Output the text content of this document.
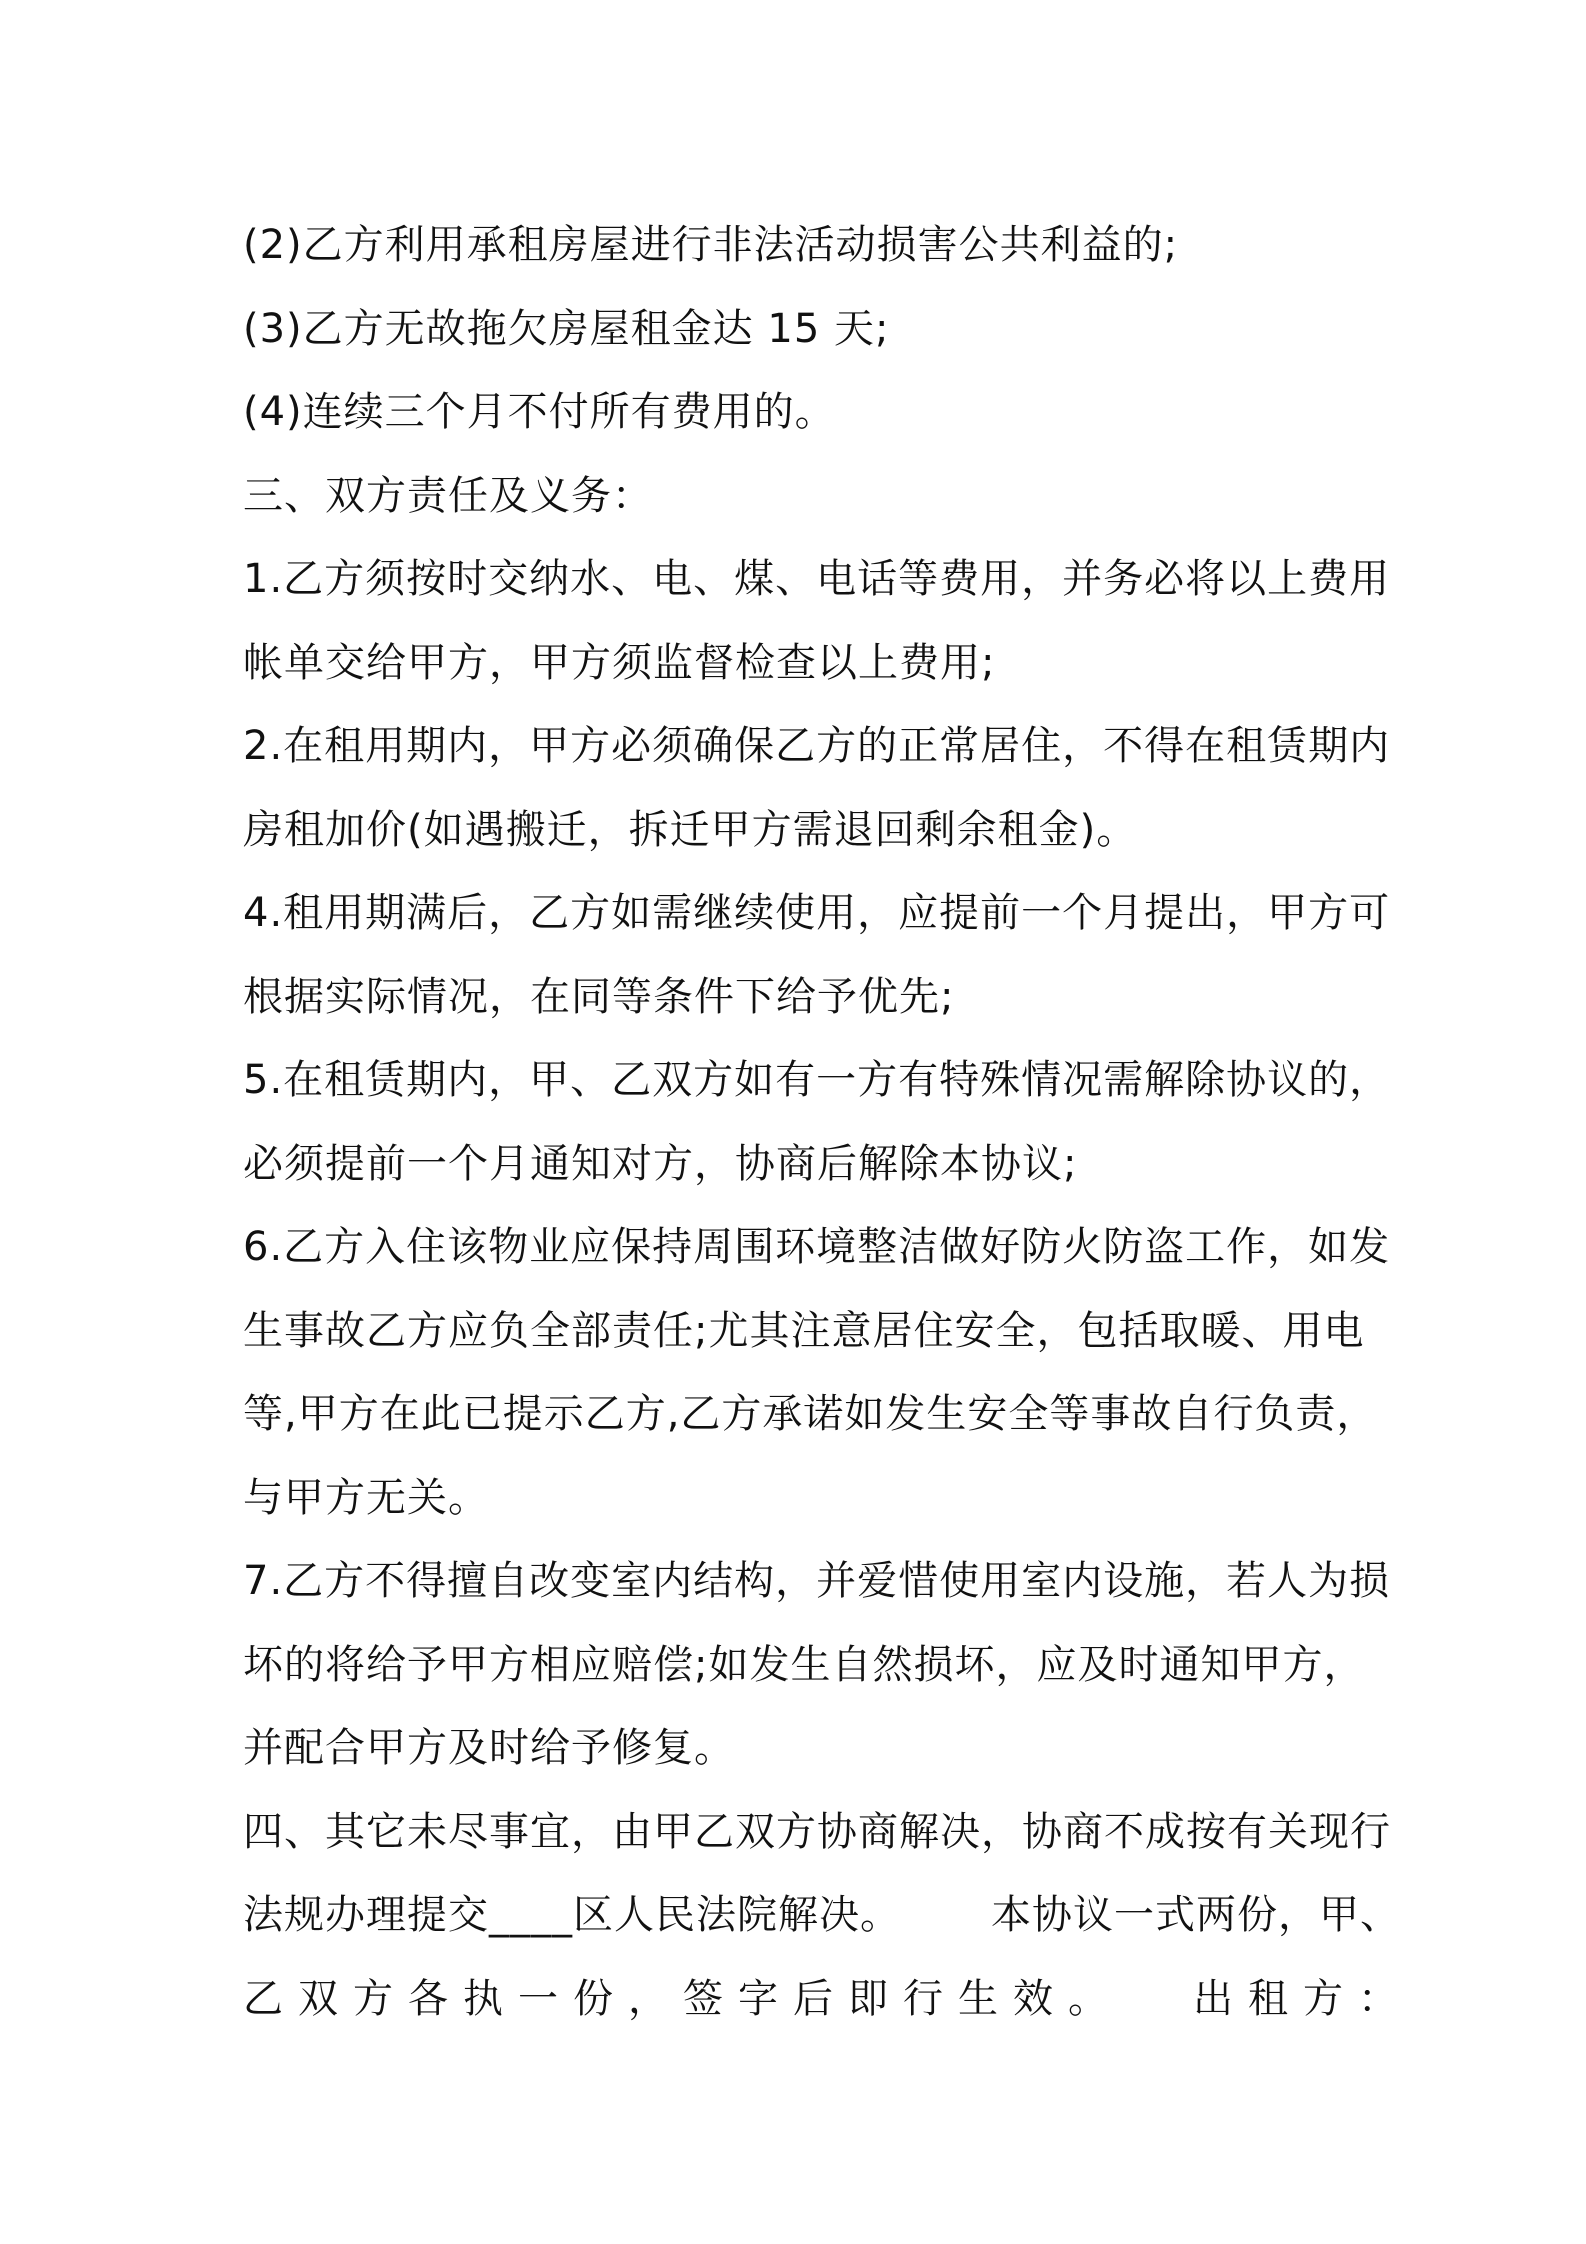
(2)乙方利用承租房屋进行非法活动损害公共利益的;

(3)乙方无故拖欠房屋租金达 15 天;

(4)连续三个月不付所有费用的。

三、双方责任及义务：

1.乙方须按时交纳水、电、煤、电话等费用，并务必将以上费用

帐单交给甲方，甲方须监督检查以上费用;

2.在租用期内，甲方必须确保乙方的正常居住，不得在租赁期内

房租加价(如遇搬迁，拆迁甲方需退回剩余租金)。

4.租用期满后，乙方如需继续使用，应提前一个月提出，甲方可

根据实际情况，在同等条件下给予优先;

5.在租赁期内，甲、乙双方如有一方有特殊情况需解除协议的，

必须提前一个月通知对方，协商后解除本协议;

6.乙方入住该物业应保持周围环境整洁做好防火防盗工作，如发

生事故乙方应负全部责任;尤其注意居住安全，包括取暖、用电

等,甲方在此已提示乙方,乙方承诺如发生安全等事故自行负责，

与甲方无关。

7.乙方不得擅自改变室内结构，并爱惜使用室内设施，若人为损

坏的将给予甲方相应赔偿;如发生自然损坏，应及时通知甲方，

并配合甲方及时给予修复。

四、其它未尽事宜，由甲乙双方协商解决，协商不成按有关现行

法规办理提交____区人民法院解决。 本协议一式两份，甲、

乙双方各执一份，签字后即行生效。 出租方：
